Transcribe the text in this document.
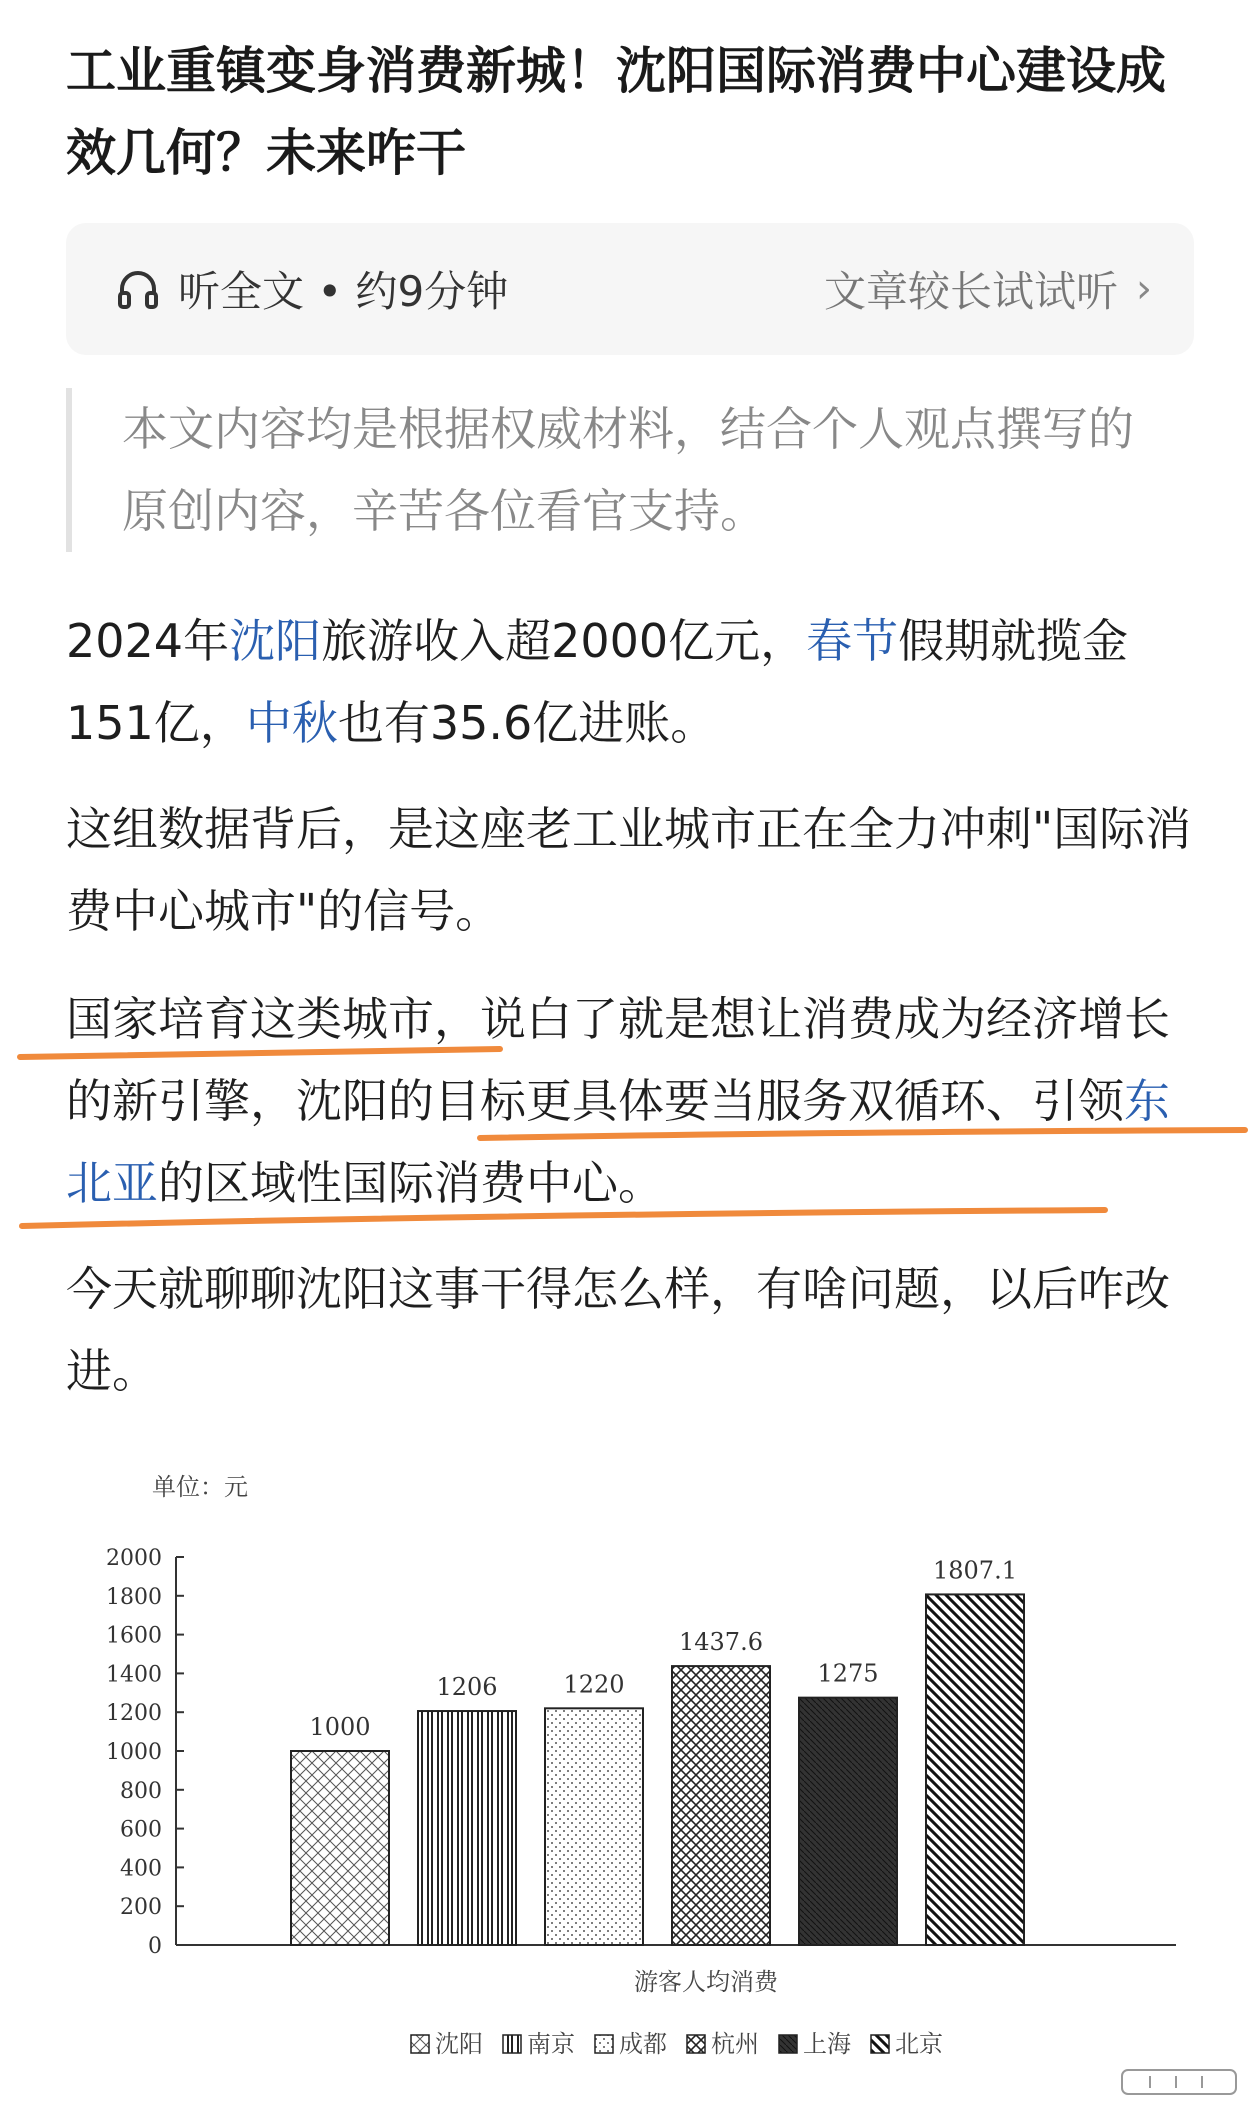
工业重镇变身消费新城！沈阳国际消费中心建设成效几何？未来咋干
听全文 • 约9分钟	文章较长试试听 ›
本文内容均是根据权威材料，结合个人观点撰写的原创内容，辛苦各位看官支持。

2024年沈阳旅游收入超2000亿元，春节假期就揽金151亿，中秋也有35.6亿进账。

这组数据背后，是这座老工业城市正在全力冲刺"国际消费中心城市"的信号。

国家培育这类城市，说白了就是想让消费成为经济增长的新引擎，沈阳的目标更具体要当服务双循环、引领东北亚的区域性国际消费中心。

今天就聊聊沈阳这事干得怎么样，有啥问题，以后咋改进。

单位：元
0
200
400
600
800
1000
1200
1400
1600
1800
2000
1000
1206	1220
1437.6
1275
1807.1
游客人均消费
沈阳 南京 成都 杭州 上海 北京
